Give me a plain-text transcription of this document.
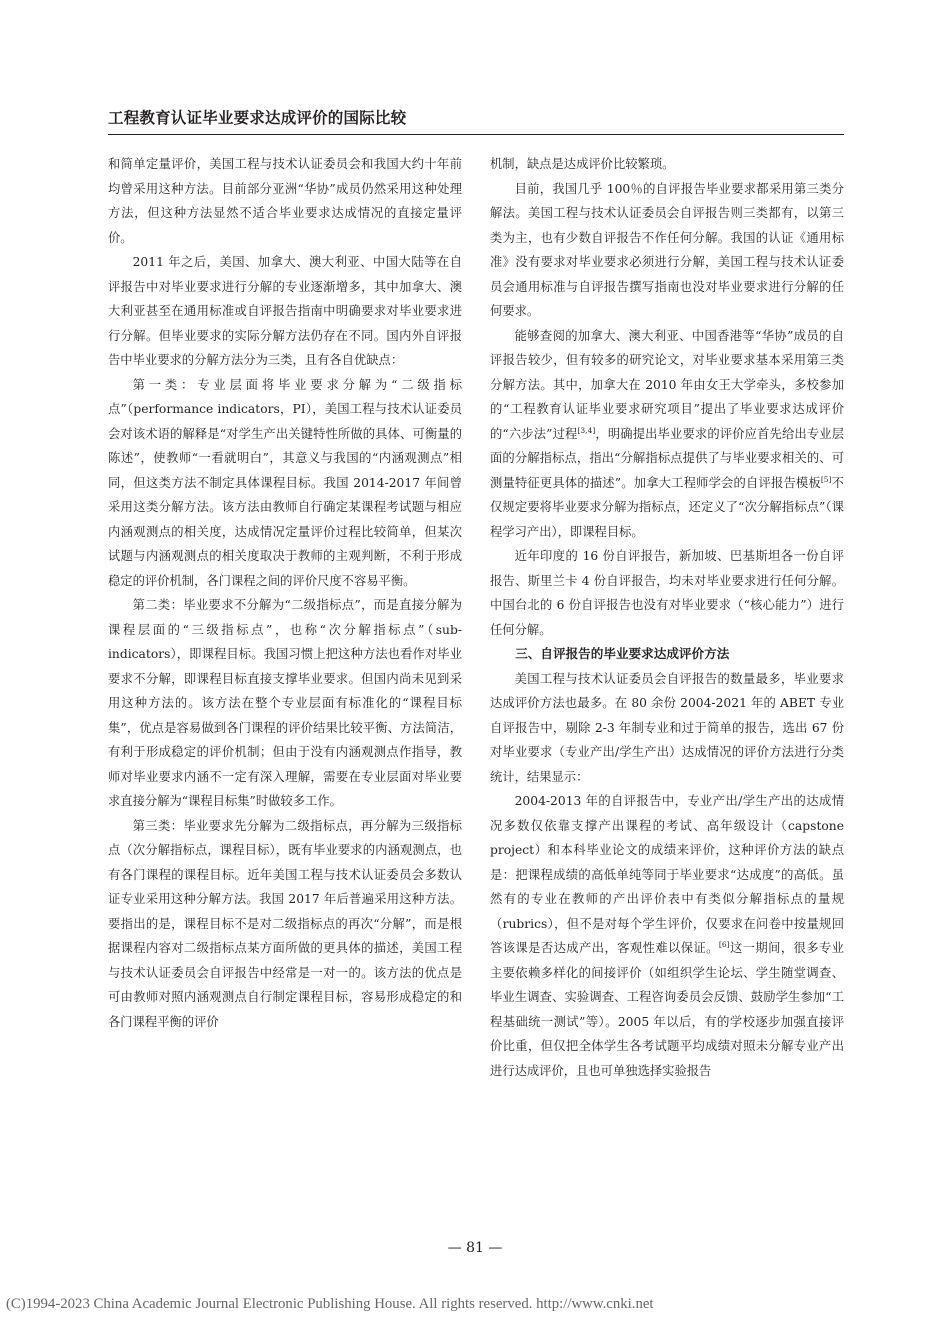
工程教育认证毕业要求达成评价的国际比较

和简单定量评价，美国工程与技术认证委员会和我国大约十年前均曾采用这种方法。目前部分亚洲“华协”成员仍然采用这种处理方法，但这种方法显然不适合毕业要求达成情况的直接定量评价。

2011 年之后，美国、加拿大、澳大利亚、中国大陆等在自评报告中对毕业要求进行分解的专业逐渐增多，其中加拿大、澳大利亚甚至在通用标准或自评报告指南中明确要求对毕业要求进行分解。但毕业要求的实际分解方法仍存在不同。国内外自评报告中毕业要求的分解方法分为三类，且有各自优缺点：

第一类：专业层面将毕业要求分解为“二级指标点”（performance indicators，PI），美国工程与技术认证委员会对该术语的解释是“对学生产出关键特性所做的具体、可衡量的陈述”，使教师“一看就明白”，其意义与我国的“内涵观测点”相同，但这类方法不制定具体课程目标。我国 2014-2017 年间曾采用这类分解方法。该方法由教师自行确定某课程考试题与相应内涵观测点的相关度，达成情况定量评价过程比较简单，但某次试题与内涵观测点的相关度取决于教师的主观判断，不利于形成稳定的评价机制，各门课程之间的评价尺度不容易平衡。

第二类：毕业要求不分解为“二级指标点”，而是直接分解为课程层面的“三级指标点”，也称“次分解指标点”（sub-indicators），即课程目标。我国习惯上把这种方法也看作对毕业要求不分解，即课程目标直接支撑毕业要求。但国内尚未见到采用这种方法的。该方法在整个专业层面有标准化的“课程目标集”，优点是容易做到各门课程的评价结果比较平衡、方法简洁，有利于形成稳定的评价机制；但由于没有内涵观测点作指导，教师对毕业要求内涵不一定有深入理解，需要在专业层面对毕业要求直接分解为“课程目标集”时做较多工作。

第三类：毕业要求先分解为二级指标点，再分解为三级指标点（次分解指标点，课程目标），既有毕业要求的内涵观测点，也有各门课程的课程目标。近年美国工程与技术认证委员会多数认证专业采用这种分解方法。我国 2017 年后普遍采用这种方法。要指出的是，课程目标不是对二级指标点的再次“分解”，而是根据课程内容对二级指标点某方面所做的更具体的描述，美国工程与技术认证委员会自评报告中经常是一对一的。该方法的优点是可由教师对照内涵观测点自行制定课程目标，容易形成稳定的和各门课程平衡的评价

机制，缺点是达成评价比较繁琐。

目前，我国几乎 100％的自评报告毕业要求都采用第三类分解法。美国工程与技术认证委员会自评报告则三类都有，以第三类为主，也有少数自评报告不作任何分解。我国的认证《通用标准》没有要求对毕业要求必须进行分解，美国工程与技术认证委员会通用标准与自评报告撰写指南也没对毕业要求进行分解的任何要求。

能够查阅的加拿大、澳大利亚、中国香港等“华协”成员的自评报告较少，但有较多的研究论文，对毕业要求基本采用第三类分解方法。其中，加拿大在 2010 年由女王大学牵头，多校参加的“工程教育认证毕业要求研究项目”提出了毕业要求达成评价的“六步法”过程[3,4]，明确提出毕业要求的评价应首先给出专业层面的分解指标点，指出“分解指标点提供了与毕业要求相关的、可测量特征更具体的描述”。加拿大工程师学会的自评报告模板[5]不仅规定要将毕业要求分解为指标点，还定义了“次分解指标点”（课程学习产出），即课程目标。

近年印度的 16 份自评报告，新加坡、巴基斯坦各一份自评报告、斯里兰卡 4 份自评报告，均未对毕业要求进行任何分解。中国台北的 6 份自评报告也没有对毕业要求（“核心能力”）进行任何分解。

三、自评报告的毕业要求达成评价方法

美国工程与技术认证委员会自评报告的数量最多，毕业要求达成评价方法也最多。在 80 余份 2004-2021 年的 ABET 专业自评报告中，剔除 2-3 年制专业和过于简单的报告，选出 67 份对毕业要求（专业产出/学生产出）达成情况的评价方法进行分类统计，结果显示：

2004-2013 年的自评报告中，专业产出/学生产出的达成情况多数仅依靠支撑产出课程的考试、高年级设计（capstone project）和本科毕业论文的成绩来评价，这种评价方法的缺点是：把课程成绩的高低单纯等同于毕业要求“达成度”的高低。虽然有的专业在教师的产出评价表中有类似分解指标点的量规（rubrics），但不是对每个学生评价，仅要求在问卷中按量规回答该课是否达成产出，客观性难以保证。[6]这一期间，很多专业主要依赖多样化的间接评价（如组织学生论坛、学生随堂调查、毕业生调查、实验调查、工程咨询委员会反馈、鼓励学生参加“工程基础统一测试”等）。2005 年以后，有的学校逐步加强直接评价比重，但仅把全体学生各考试题平均成绩对照未分解专业产出进行达成评价，且也可单独选择实验报告

— 81 —
(C)1994-2023 China Academic Journal Electronic Publishing House. All rights reserved. http://www.cnki.net
